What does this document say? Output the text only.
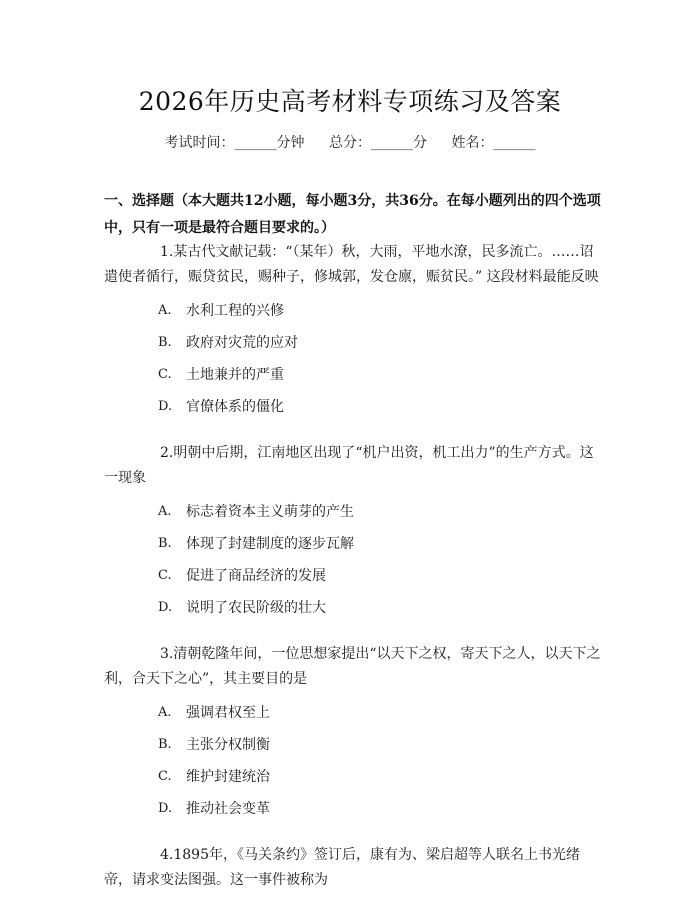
2026年历史高考材料专项练习及答案
考试时间：______分钟 总分：______分 姓名：______
一、选择题（本大题共12小题，每小题3分，共36分。在每小题列出的四个选项中，只有一项是最符合题目要求的。）

1.某古代文献记载：“（某年）秋，大雨，平地水潦，民多流亡。……诏遣使者循行，赈贷贫民，赐种子，修城郭，发仓廪，赈贫民。” 这段材料最能反映

A. 水利工程的兴修
B. 政府对灾荒的应对
C. 土地兼并的严重
D. 官僚体系的僵化

2.明朝中后期，江南地区出现了“机户出资，机工出力”的生产方式。这一现象

A. 标志着资本主义萌芽的产生
B. 体现了封建制度的逐步瓦解
C. 促进了商品经济的发展
D. 说明了农民阶级的壮大

3.清朝乾隆年间，一位思想家提出“以天下之权，寄天下之人，以天下之利，合天下之心”，其主要目的是

A. 强调君权至上
B. 主张分权制衡
C. 维护封建统治
D. 推动社会变革

4.1895年，《马关条约》签订后，康有为、梁启超等人联名上书光绪帝，请求变法图强。这一事件被称为
